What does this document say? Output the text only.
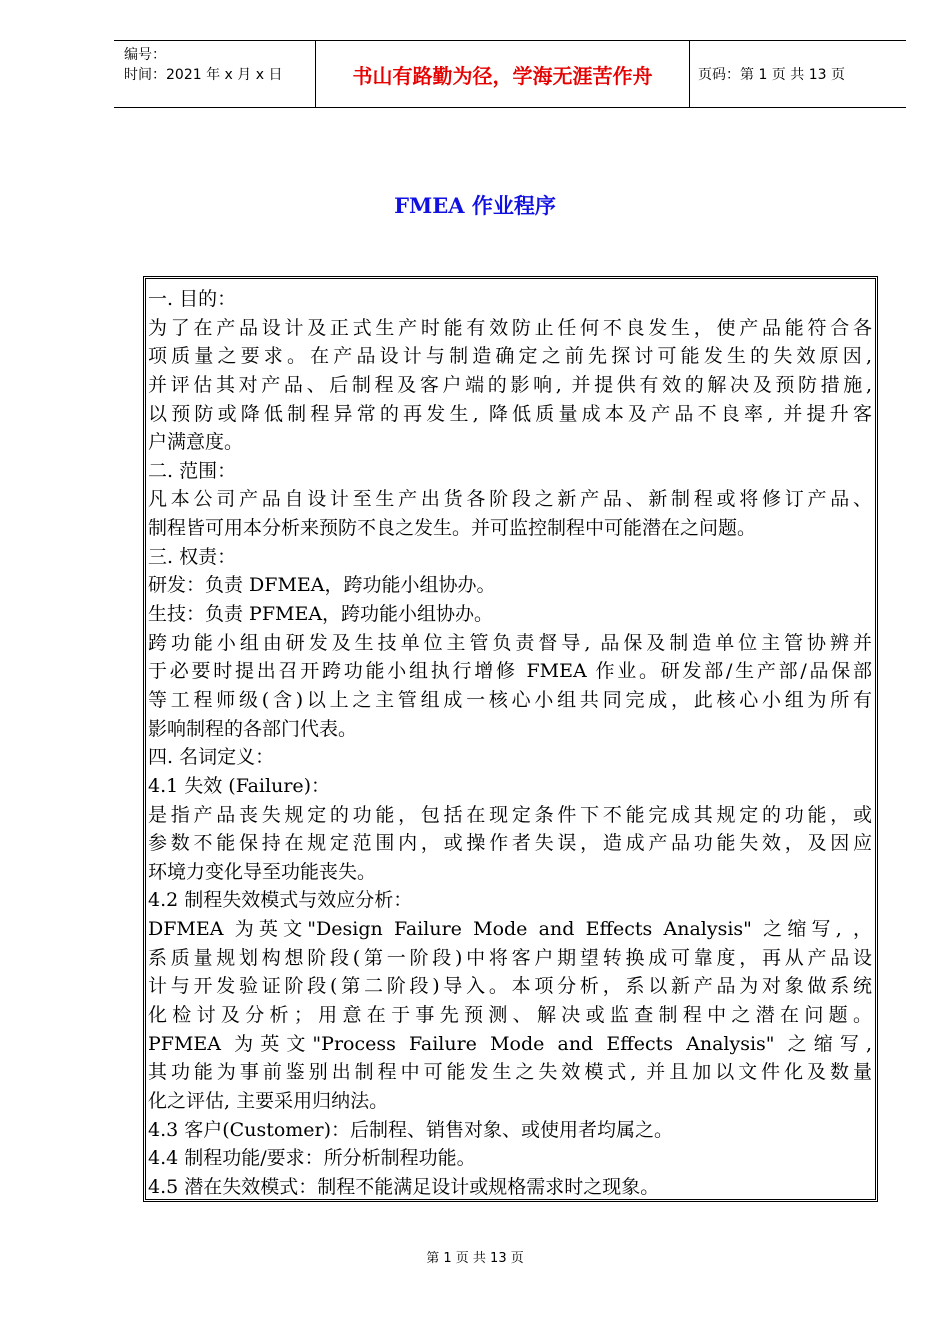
编号：
时间：2021 年 x 月 x 日	书山有路勤为径，学海无涯苦作舟	页码：第 1 页 共 13 页
FMEA 作业程序
一. 目的：
为了在产品设计及正式生产时能有效防止任何不良发生，使产品能符合各
项质量之要求。在产品设计与制造确定之前先探讨可能发生的失效原因,
并评估其对产品、后制程及客户端的影响, 并提供有效的解决及预防措施,
以预防或降低制程异常的再发生, 降低质量成本及产品不良率, 并提升客
户满意度。
二. 范围：
凡本公司产品自设计至生产出货各阶段之新产品、新制程或将修订产品、
制程皆可用本分析来预防不良之发生。并可监控制程中可能潜在之问题。
三. 权责：
研发：负责 DFMEA，跨功能小组协办。
生技：负责 PFMEA，跨功能小组协办。
跨功能小组由研发及生技单位主管负责督导, 品保及制造单位主管协辨并
于必要时提出召开跨功能小组执行增修 FMEA 作业。研发部/生产部/品保部
等工程师级(含)以上之主管组成一核心小组共同完成，此核心小组为所有
影响制程的各部门代表。
四. 名词定义：
4.1 失效 (Failure)：
是指产品丧失规定的功能，包括在现定条件下不能完成其规定的功能，或
参数不能保持在规定范围内，或操作者失误，造成产品功能失效，及因应
环境力变化导至功能丧失。
4.2 制程失效模式与效应分析：
DFMEA 为英文"Design Failure Mode and Effects Analysis" 之缩写, ，
系质量规划构想阶段(第一阶段)中将客户期望转换成可靠度，再从产品设
计与开发验证阶段(第二阶段)导入。本项分析，系以新产品为对象做系统
化检讨及分析；用意在于事先预测、解决或监查制程中之潜在问题。
PFMEA 为英文"Process Failure Mode and Effects Analysis" 之缩写,
其功能为事前鉴别出制程中可能发生之失效模式, 并且加以文件化及数量
化之评估, 主要采用归纳法。
4.3 客户(Customer)：后制程、销售对象、或使用者均属之。
4.4 制程功能/要求：所分析制程功能。
4.5 潜在失效模式：制程不能满足设计或规格需求时之现象。
第 1 页 共 13 页
